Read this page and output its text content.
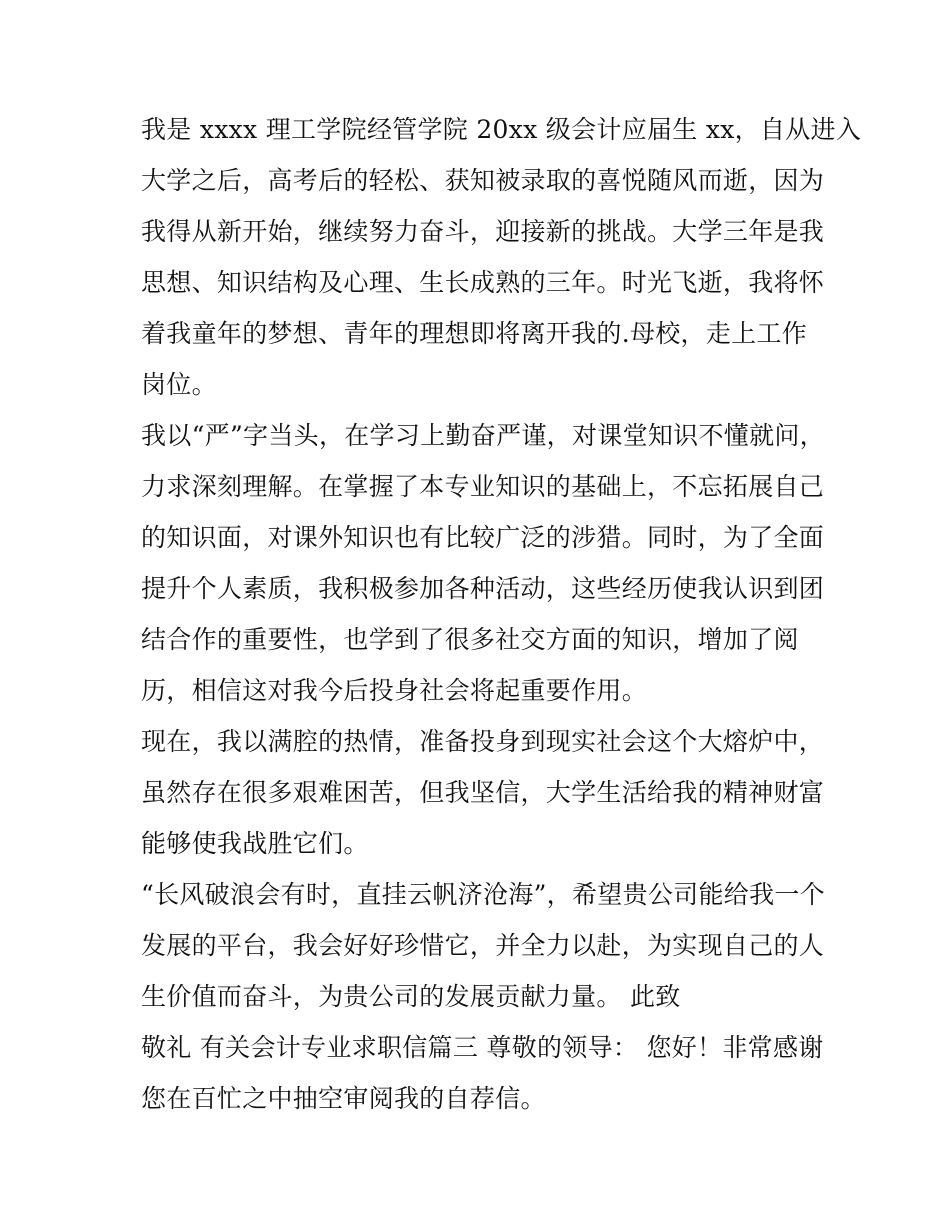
我是 xxxx 理工学院经管学院 20xx 级会计应届生 xx，自从进入
大学之后，高考后的轻松、获知被录取的喜悦随风而逝，因为
我得从新开始，继续努力奋斗，迎接新的挑战。大学三年是我
思想、知识结构及心理、生长成熟的三年。时光飞逝，我将怀
着我童年的梦想、青年的理想即将离开我的.母校，走上工作
岗位。

我以“严”字当头，在学习上勤奋严谨，对课堂知识不懂就问，
力求深刻理解。在掌握了本专业知识的基础上，不忘拓展自己
的知识面，对课外知识也有比较广泛的涉猎。同时，为了全面
提升个人素质，我积极参加各种活动，这些经历使我认识到团
结合作的重要性，也学到了很多社交方面的知识，增加了阅
历，相信这对我今后投身社会将起重要作用。

现在，我以满腔的热情，准备投身到现实社会这个大熔炉中，
虽然存在很多艰难困苦，但我坚信，大学生活给我的精神财富
能够使我战胜它们。

“长风破浪会有时，直挂云帆济沧海”，希望贵公司能给我一个
发展的平台，我会好好珍惜它，并全力以赴，为实现自己的人
生价值而奋斗，为贵公司的发展贡献力量。 此致

敬礼 有关会计专业求职信篇三 尊敬的领导： 您好！非常感谢
您在百忙之中抽空审阅我的自荐信。
